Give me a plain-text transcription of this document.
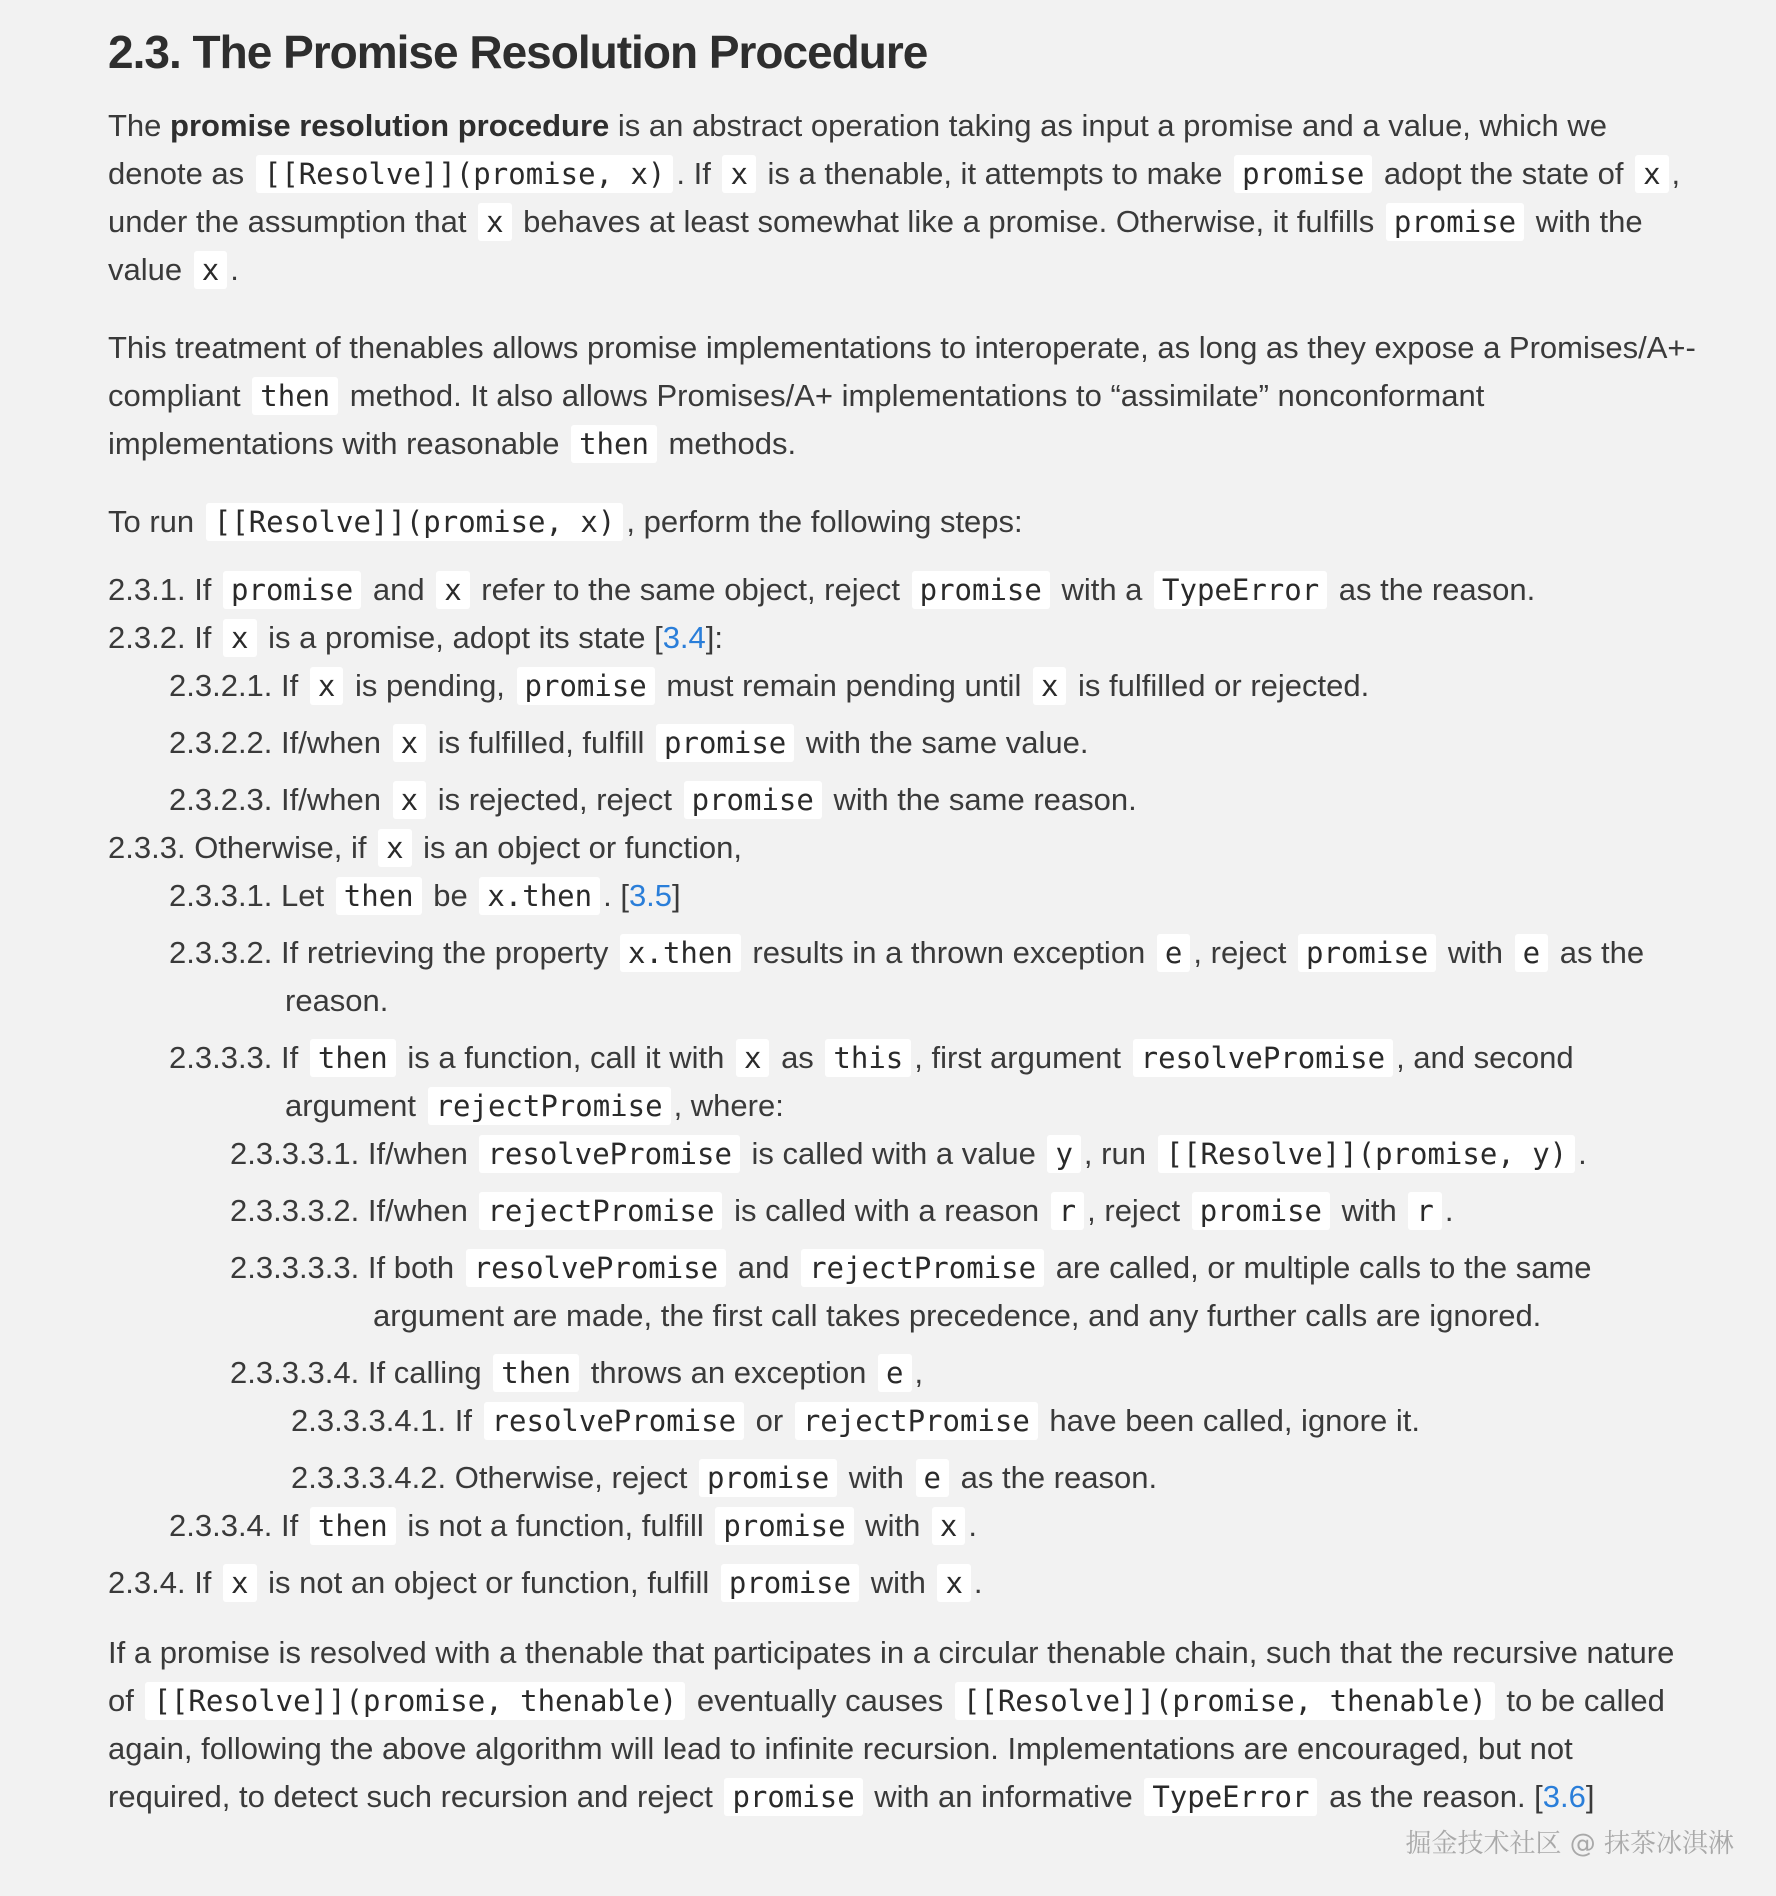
2.3. The Promise Resolution Procedure

The promise resolution procedure is an abstract operation taking as input a promise and a value, which we denote as [[Resolve]](promise, x) . If x is a thenable, it attempts to make promise adopt the state of x , under the assumption that x behaves at least somewhat like a promise. Otherwise, it fulfills promise with the value x .

This treatment of thenables allows promise implementations to interoperate, as long as they expose a Promises/A+-compliant then method. It also allows Promises/A+ implementations to “assimilate” nonconformant implementations with reasonable then methods.

To run [[Resolve]](promise, x) , perform the following steps:

2.3.1. If promise and x refer to the same object, reject promise with a TypeError as the reason.
2.3.2. If x is a promise, adopt its state [3.4]:
2.3.2.1. If x is pending, promise must remain pending until x is fulfilled or rejected.
2.3.2.2. If/when x is fulfilled, fulfill promise with the same value.
2.3.2.3. If/when x is rejected, reject promise with the same reason.
2.3.3. Otherwise, if x is an object or function,
2.3.3.1. Let then be x.then . [3.5]
2.3.3.2. If retrieving the property x.then results in a thrown exception e , reject promise with e as the reason.
2.3.3.3. If then is a function, call it with x as this , first argument resolvePromise , and second argument rejectPromise , where:
2.3.3.3.1. If/when resolvePromise is called with a value y , run [[Resolve]](promise, y) .
2.3.3.3.2. If/when rejectPromise is called with a reason r , reject promise with r .
2.3.3.3.3. If both resolvePromise and rejectPromise are called, or multiple calls to the same argument are made, the first call takes precedence, and any further calls are ignored.
2.3.3.3.4. If calling then throws an exception e ,
2.3.3.3.4.1. If resolvePromise or rejectPromise have been called, ignore it.
2.3.3.3.4.2. Otherwise, reject promise with e as the reason.
2.3.3.4. If then is not a function, fulfill promise with x .
2.3.4. If x is not an object or function, fulfill promise with x .

If a promise is resolved with a thenable that participates in a circular thenable chain, such that the recursive nature of [[Resolve]](promise, thenable) eventually causes [[Resolve]](promise, thenable) to be called again, following the above algorithm will lead to infinite recursion. Implementations are encouraged, but not required, to detect such recursion and reject promise with an informative TypeError as the reason. [3.6]

掘金技术社区 @ 抹茶冰淇淋
